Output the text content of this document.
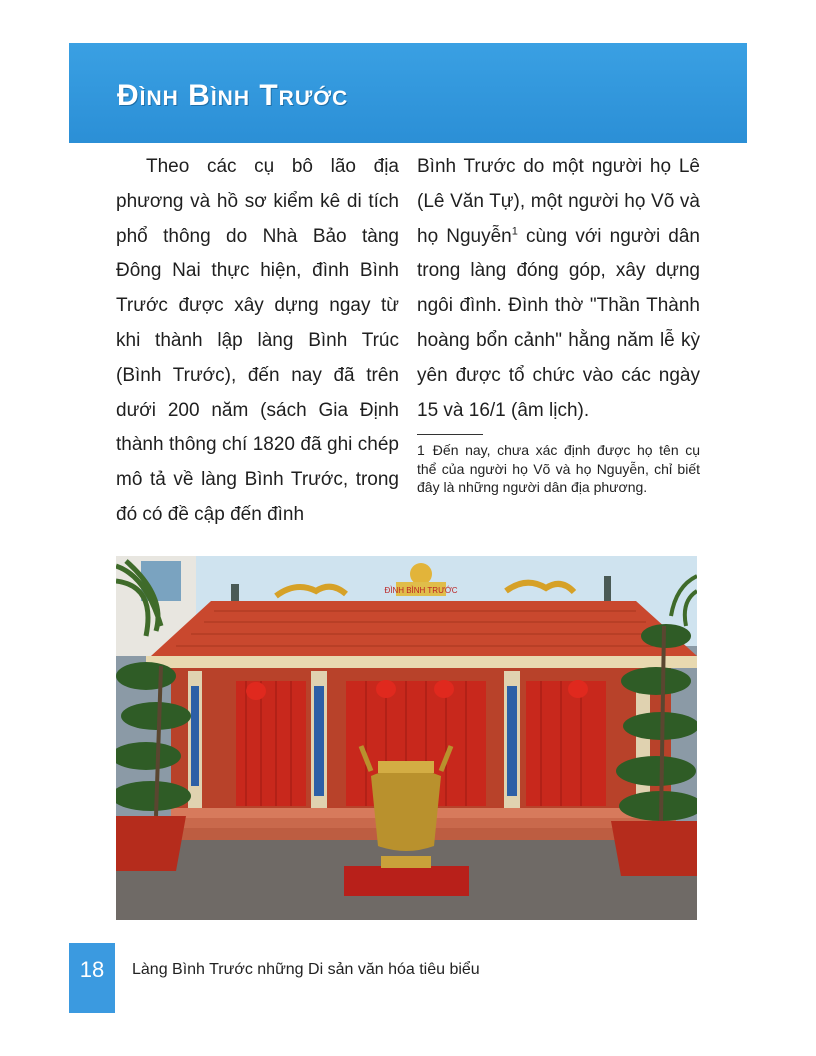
Đình Bình Trước

Theo các cụ bô lão địa phương và hồ sơ kiểm kê di tích phổ thông do Nhà Bảo tàng Đông Nai thực hiện, đình Bình Trước được xây dựng ngay từ khi thành lập làng Bình Trúc (Bình Trước), đến nay đã trên dưới 200 năm (sách Gia Định thành thông chí 1820 đã ghi chép mô tả về làng Bình Trước, trong đó có đề cập đến đình

Bình Trước do một người họ Lê (Lê Văn Tự), một người họ Võ và họ Nguyễn$^1$ cùng với người dân trong làng đóng góp, xây dựng ngôi đình. Đình thờ "Thần Thành hoàng bổn cảnh" hằng năm lễ kỳ yên được tổ chức vào các ngày 15 và 16/1 (âm lịch).

1 Đến nay, chưa xác định được họ tên cụ thể của người họ Võ và họ Nguyễn, chỉ biết đây là những người dân địa phương.
ĐÌNH BÌNH TRƯỚC
18	Làng Bình Trước những Di sản văn hóa tiêu biểu
